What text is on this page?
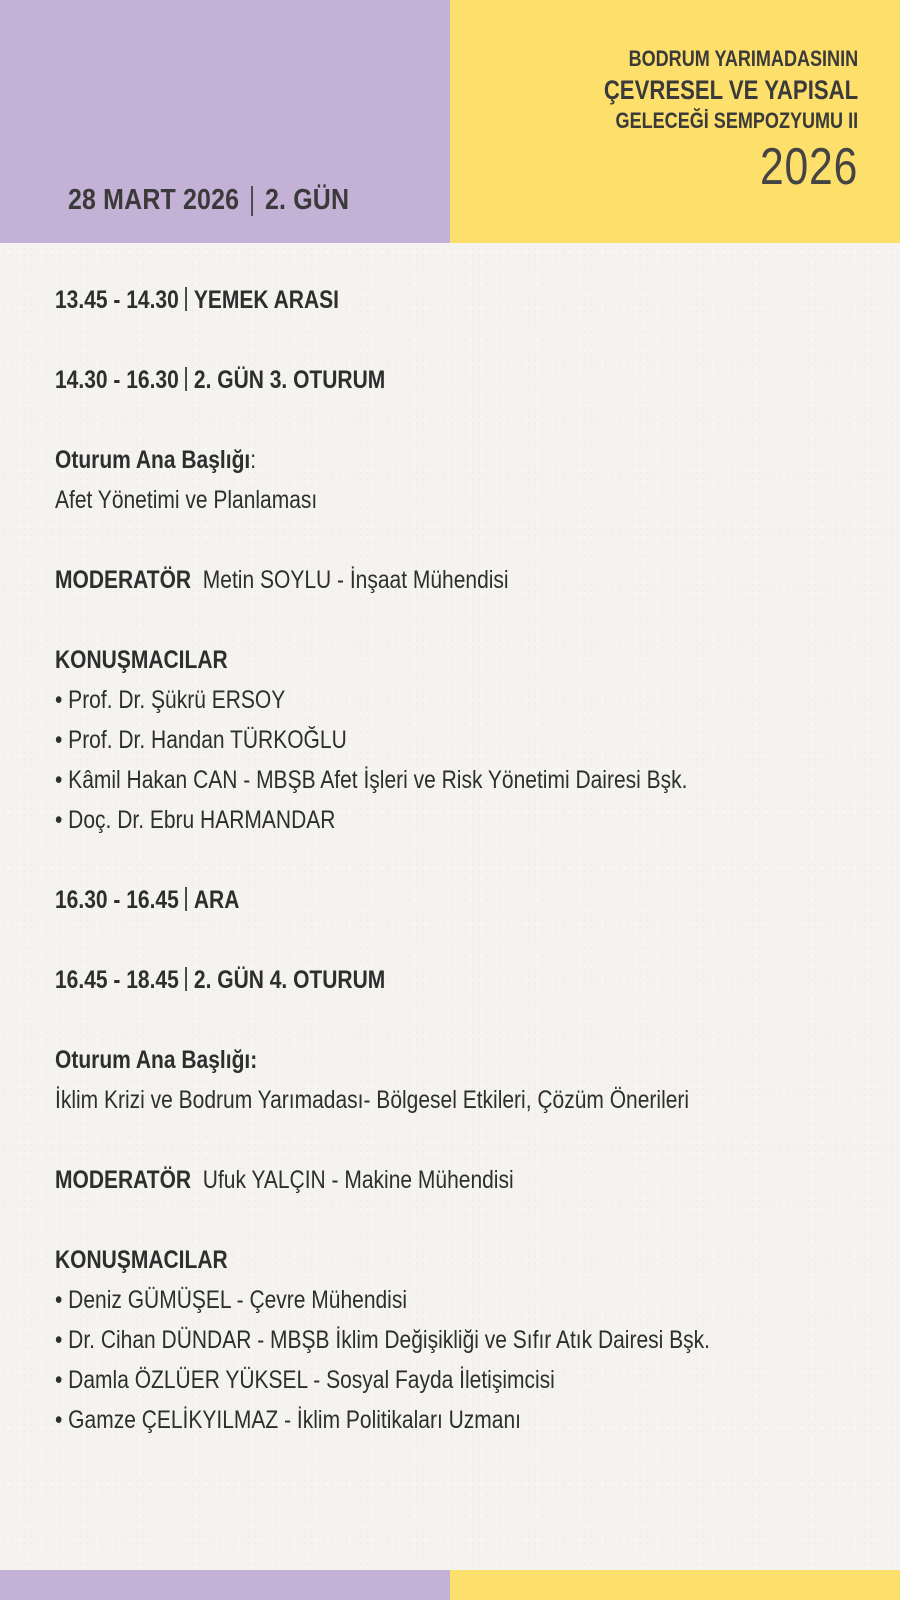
28 MART 2026 2. GÜN
BODRUM YARIMADASININ
ÇEVRESEL VE YAPISAL
GELECEĞİ SEMPOZYUMU II
2026
13.45 - 14.30 YEMEK ARASI
14.30 - 16.30 2. GÜN 3. OTURUM
Oturum Ana Başlığı:
Afet Yönetimi ve Planlaması
MODERATÖR Metin SOYLU - İnşaat Mühendisi
KONUŞMACILAR
• Prof. Dr. Şükrü ERSOY
• Prof. Dr. Handan TÜRKOĞLU
• Kâmil Hakan CAN - MBŞB Afet İşleri ve Risk Yönetimi Dairesi Bşk.
• Doç. Dr. Ebru HARMANDAR
16.30 - 16.45 ARA
16.45 - 18.45 2. GÜN 4. OTURUM
Oturum Ana Başlığı:
İklim Krizi ve Bodrum Yarımadası- Bölgesel Etkileri, Çözüm Önerileri
MODERATÖR Ufuk YALÇIN - Makine Mühendisi
KONUŞMACILAR
• Deniz GÜMÜŞEL - Çevre Mühendisi
• Dr. Cihan DÜNDAR - MBŞB İklim Değişikliği ve Sıfır Atık Dairesi Bşk.
• Damla ÖZLÜER YÜKSEL - Sosyal Fayda İletişimcisi
• Gamze ÇELİKYILMAZ - İklim Politikaları Uzmanı
